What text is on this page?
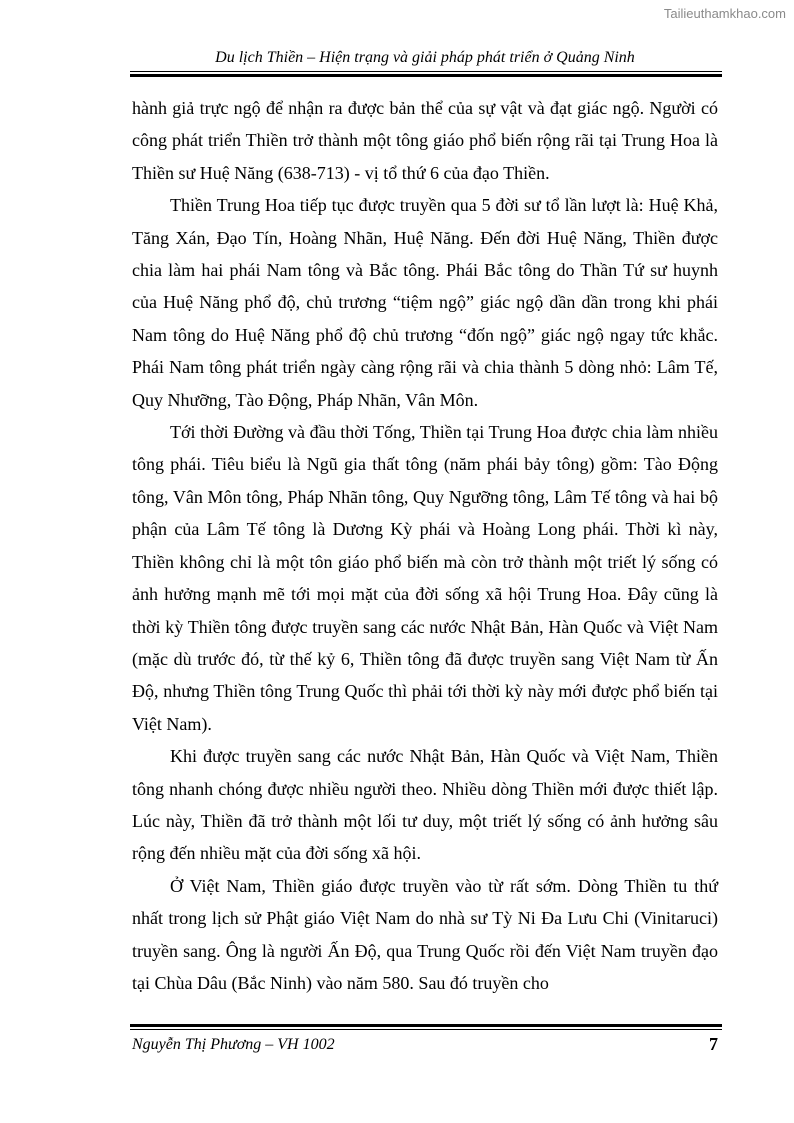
Tailieuthamkhao.com
Du lịch Thiền – Hiện trạng và giải pháp phát triển ở Quảng Ninh

hành giả trực ngộ để nhận ra được bản thể của sự vật và đạt giác ngộ. Người có công phát triển Thiền trở thành một tông giáo phổ biến rộng rãi tại Trung Hoa là Thiền sư Huệ Năng (638-713) - vị tổ thứ 6 của đạo Thiền.

Thiền Trung Hoa tiếp tục được truyền qua 5 đời sư tổ lần lượt là: Huệ Khả, Tăng Xán, Đạo Tín, Hoàng Nhãn, Huệ Năng. Đến đời Huệ Năng, Thiền được chia làm hai phái Nam tông và Bắc tông. Phái Bắc tông do Thần Tứ sư huynh của Huệ Năng phổ độ, chủ trương “tiệm ngộ” giác ngộ dần dần trong khi phái Nam tông do Huệ Năng phổ độ chủ trương “đốn ngộ” giác ngộ ngay tức khắc. Phái Nam tông phát triển ngày càng rộng rãi và chia thành 5 dòng nhỏ: Lâm Tế, Quy Nhưỡng, Tào Động, Pháp Nhãn, Vân Môn.

Tới thời Đường và đầu thời Tống, Thiền tại Trung Hoa được chia làm nhiều tông phái. Tiêu biểu là Ngũ gia thất tông (năm phái bảy tông) gồm: Tào Động tông, Vân Môn tông, Pháp Nhãn tông, Quy Ngưỡng tông, Lâm Tế tông và hai bộ phận của Lâm Tế tông là Dương Kỳ phái và Hoàng Long phái. Thời kì này, Thiền không chỉ là một tôn giáo phổ biến mà còn trở thành một triết lý sống có ảnh hưởng mạnh mẽ tới mọi mặt của đời sống xã hội Trung Hoa. Đây cũng là thời kỳ Thiền tông được truyền sang các nước Nhật Bản, Hàn Quốc và Việt Nam (mặc dù trước đó, từ thế kỷ 6, Thiền tông đã được truyền sang Việt Nam từ Ấn Độ, nhưng Thiền tông Trung Quốc thì phải tới thời kỳ này mới được phổ biến tại Việt Nam).

Khi được truyền sang các nước Nhật Bản, Hàn Quốc và Việt Nam, Thiền tông nhanh chóng được nhiều người theo. Nhiều dòng Thiền mới được thiết lập. Lúc này, Thiền đã trở thành một lối tư duy, một triết lý sống có ảnh hưởng sâu rộng đến nhiều mặt của đời sống xã hội.

Ở Việt Nam, Thiền giáo được truyền vào từ rất sớm. Dòng Thiền tu thứ nhất trong lịch sử Phật giáo Việt Nam do nhà sư Tỳ Ni Đa Lưu Chi (Vinitaruci) truyền sang. Ông là người Ấn Độ, qua Trung Quốc rồi đến Việt Nam truyền đạo tại Chùa Dâu (Bắc Ninh) vào năm 580. Sau đó truyền cho

Nguyễn Thị Phương – VH 1002	7
